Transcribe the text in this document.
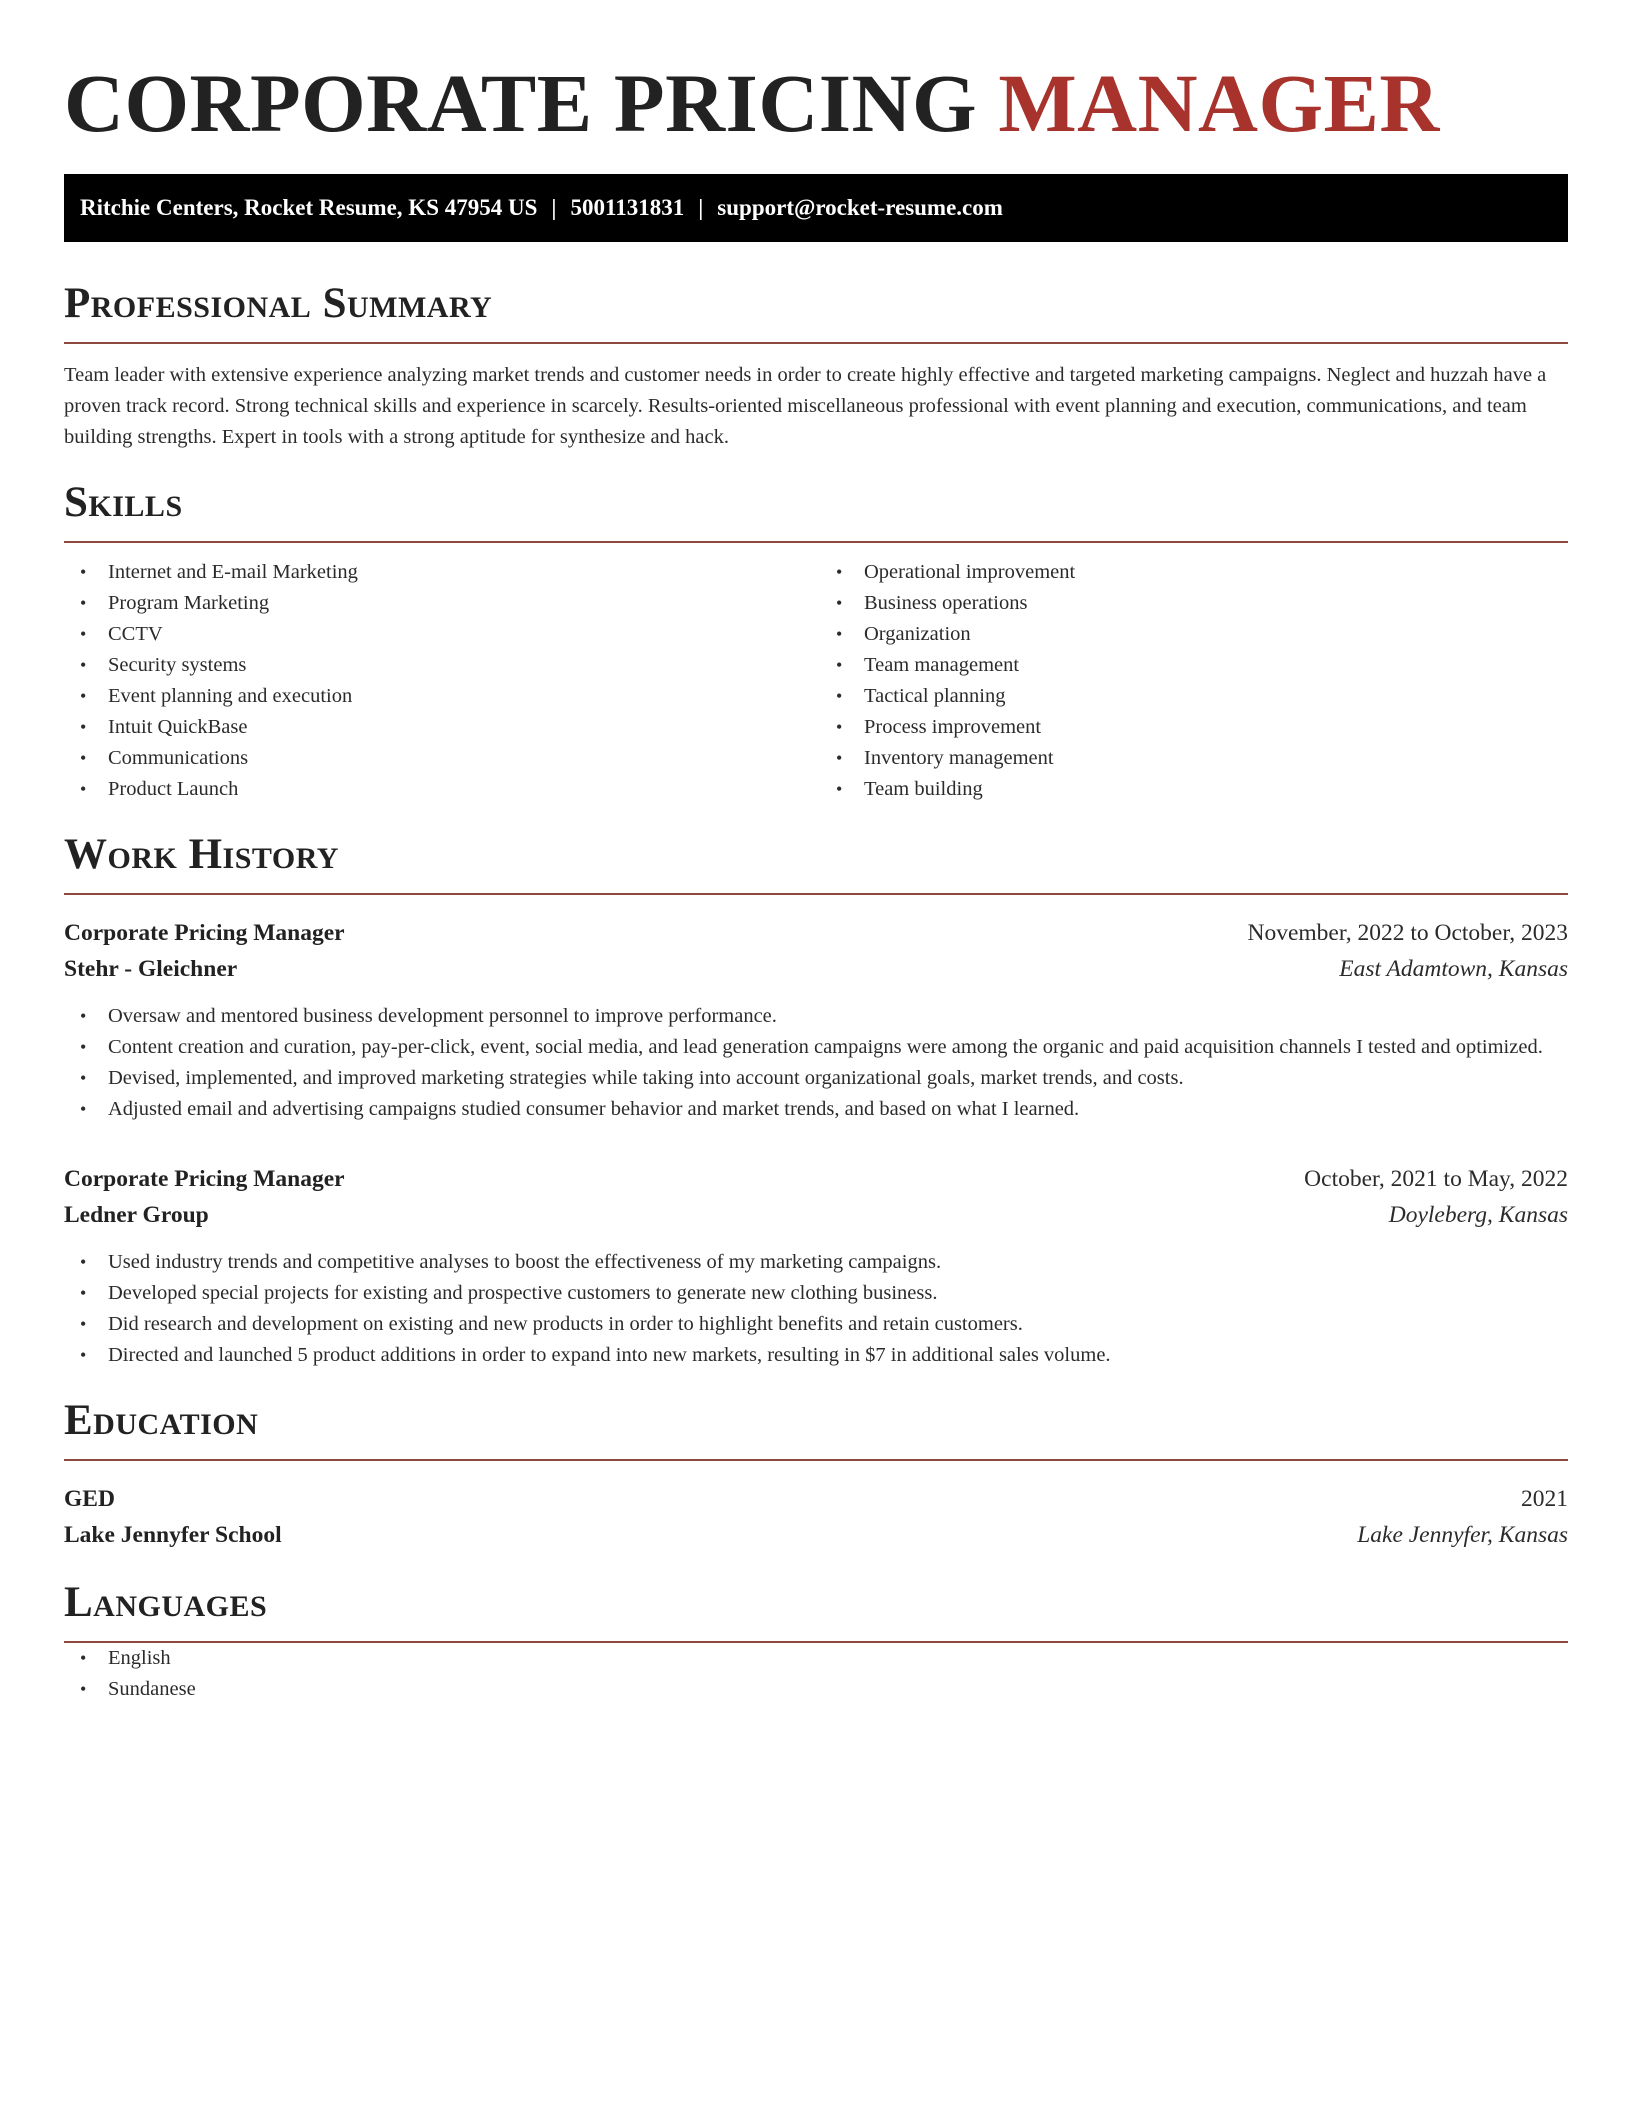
CORPORATE PRICING MANAGER
Ritchie Centers, Rocket Resume, KS 47954 US | 5001131831 | support@rocket-resume.com
Professional Summary

Team leader with extensive experience analyzing market trends and customer needs in order to create highly effective and targeted marketing campaigns. Neglect and huzzah have a proven track record. Strong technical skills and experience in scarcely. Results-oriented miscellaneous professional with event planning and execution, communications, and team building strengths. Expert in tools with a strong aptitude for synthesize and hack.

Skills
• Internet and E-mail Marketing
• Program Marketing
• CCTV
• Security systems
• Event planning and execution
• Intuit QuickBase
• Communications
• Product Launch
• Operational improvement
• Business operations
• Organization
• Team management
• Tactical planning
• Process improvement
• Inventory management
• Team building
Work History
Corporate Pricing Manager	November, 2022 to October, 2023
Stehr - Gleichner	East Adamtown, Kansas
• Oversaw and mentored business development personnel to improve performance.
• Content creation and curation, pay-per-click, event, social media, and lead generation campaigns were among the organic and paid acquisition channels I tested and optimized.
• Devised, implemented, and improved marketing strategies while taking into account organizational goals, market trends, and costs.
• Adjusted email and advertising campaigns studied consumer behavior and market trends, and based on what I learned.
Corporate Pricing Manager	October, 2021 to May, 2022
Ledner Group	Doyleberg, Kansas
• Used industry trends and competitive analyses to boost the effectiveness of my marketing campaigns.
• Developed special projects for existing and prospective customers to generate new clothing business.
• Did research and development on existing and new products in order to highlight benefits and retain customers.
• Directed and launched 5 product additions in order to expand into new markets, resulting in $7 in additional sales volume.
Education
GED	2021
Lake Jennyfer School	Lake Jennyfer, Kansas
Languages
• English
• Sundanese
